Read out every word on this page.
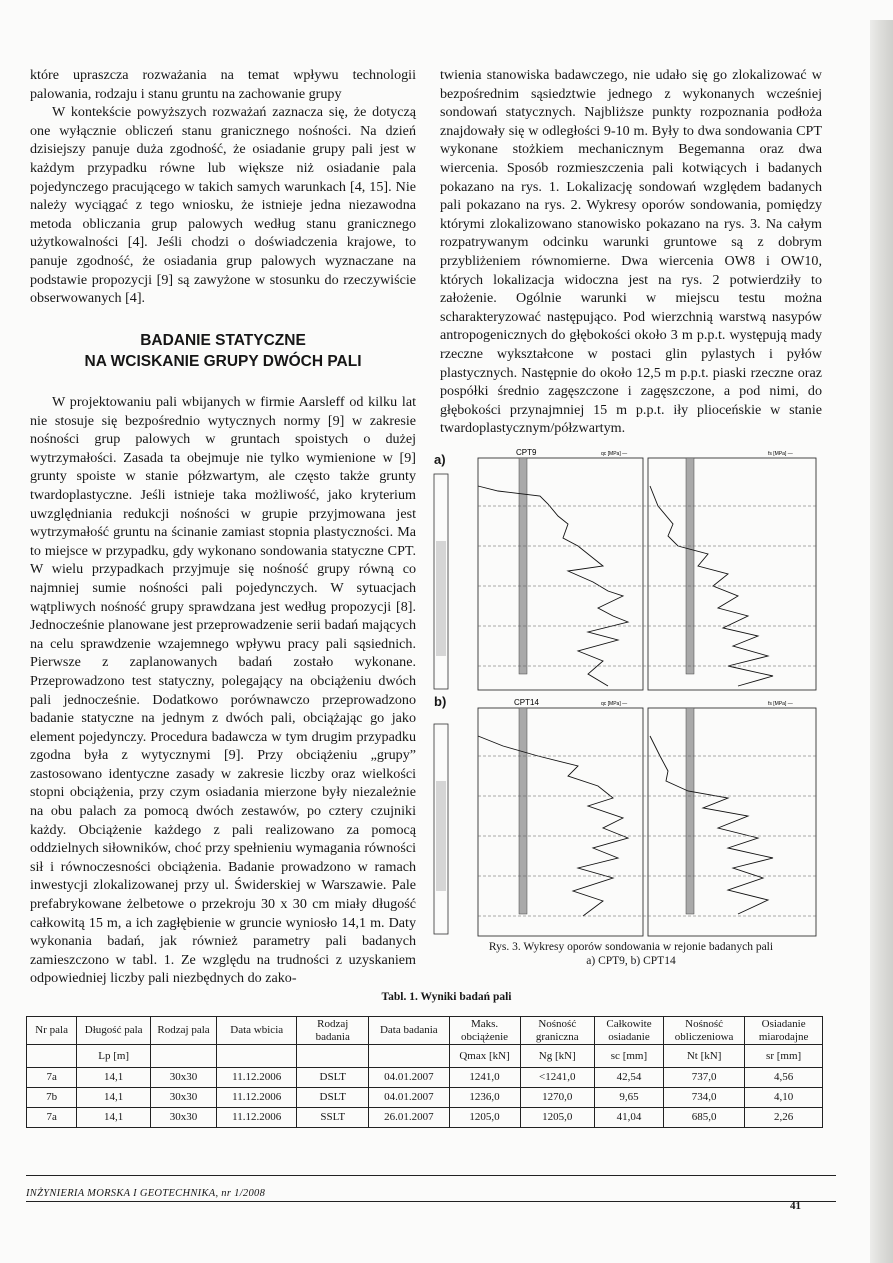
które upraszcza rozważania na temat wpływu technologii palowania, rodzaju i stanu gruntu na zachowanie grupy

W kontekście powyższych rozważań zaznacza się, że dotyczą one wyłącznie obliczeń stanu granicznego nośności. Na dzień dzisiejszy panuje duża zgodność, że osiadanie grupy pali jest w każdym przypadku równe lub większe niż osiadanie pala pojedynczego pracującego w takich samych warunkach [4, 15]. Nie należy wyciągać z tego wniosku, że istnieje jedna niezawodna metoda obliczania grup palowych według stanu granicznego użytkowalności [4]. Jeśli chodzi o doświadczenia krajowe, to panuje zgodność, że osiadania grup palowych wyznaczane na podstawie propozycji [9] są zawyżone w stosunku do rzeczywiście obserwowanych [4].

BADANIE STATYCZNE
NA WCISKANIE GRUPY DWÓCH PALI

W projektowaniu pali wbijanych w firmie Aarsleff od kilku lat nie stosuje się bezpośrednio wytycznych normy [9] w zakresie nośności grup palowych w gruntach spoistych o dużej wytrzymałości. Zasada ta obejmuje nie tylko wymienione w [9] grunty spoiste w stanie półzwartym, ale często także grunty twardoplastyczne. Jeśli istnieje taka możliwość, jako kryterium uwzględniania redukcji nośności w grupie przyjmowana jest wytrzymałość gruntu na ścinanie zamiast stopnia plastyczności. Ma to miejsce w przypadku, gdy wykonano sondowania statyczne CPT. W wielu przypadkach przyjmuje się nośność grupy równą co najmniej sumie nośności pali pojedynczych. W sytuacjach wątpliwych nośność grupy sprawdzana jest według propozycji [8]. Jednocześnie planowane jest przeprowadzenie serii badań mających na celu sprawdzenie wzajemnego wpływu pracy pali sąsiednich. Pierwsze z zaplanowanych badań zostało wykonane. Przeprowadzono test statyczny, polegający na obciążeniu dwóch pali jednocześnie. Dodatkowo porównawczo przeprowadzono badanie statyczne na jednym z dwóch pali, obciążając go jako element pojedynczy. Procedura badawcza w tym drugim przypadku zgodna była z wytycznymi [9]. Przy obciążeniu „grupy” zastosowano identyczne zasady w zakresie liczby oraz wielkości stopni obciążenia, przy czym osiadania mierzone były niezależnie na obu palach za pomocą dwóch zestawów, po cztery czujniki każdy. Obciążenie każdego z pali realizowano za pomocą oddzielnych siłowników, choć przy spełnieniu wymagania równości sił i równoczesności obciążenia. Badanie prowadzono w ramach inwestycji zlokalizowanej przy ul. Świderskiej w Warszawie. Pale prefabrykowane żelbetowe o przekroju 30 x 30 cm miały długość całkowitą 15 m, a ich zagłębienie w gruncie wyniosło 14,1 m. Daty wykonania badań, jak również parametry pali badanych zamieszczono w tabl. 1. Ze względu na trudności z uzyskaniem odpowiedniej liczby pali niezbędnych do zako-

twienia stanowiska badawczego, nie udało się go zlokalizować w bezpośrednim sąsiedztwie jednego z wykonanych wcześniej sondowań statycznych. Najbliższe punkty rozpoznania podłoża znajdowały się w odległości 9-10 m. Były to dwa sondowania CPT wykonane stożkiem mechanicznym Begemanna oraz dwa wiercenia. Sposób rozmieszczenia pali kotwiących i badanych pokazano na rys. 1. Lokalizację sondowań względem badanych pali pokazano na rys. 2. Wykresy oporów sondowania, pomiędzy którymi zlokalizowano stanowisko pokazano na rys. 3. Na całym rozpatrywanym odcinku warunki gruntowe są z dobrym przybliżeniem równomierne. Dwa wiercenia OW8 i OW10, których lokalizacja widoczna jest na rys. 2 potwierdziły to założenie. Ogólnie warunki w miejscu testu można scharakteryzować następująco. Pod wierzchnią warstwą nasypów antropogenicznych do głębokości około 3 m p.p.t. występują mady rzeczne wykształcone w postaci glin pylastych i pyłów plastycznych. Następnie do około 12,5 m p.p.t. piaski rzeczne oraz pospółki średnio zagęszczone i zagęszczone, a pod nimi, do głębokości przynajmniej 15 m p.p.t. iły plioceńskie w stanie twardoplastycznym/półzwartym.

a)
b)
CPT9	qc [MPa] —	fs [MPa] —
CPT14	qc [MPa] —	fs [MPa] —
Rys. 3. Wykresy oporów sondowania w rejonie badanych pali
a) CPT9, b) CPT14
Tabl. 1. Wyniki badań pali
Nr pala	Długość pala	Rodzaj pala	Data wbicia	Rodzaj badania	Data badania	Maks. obciążenie	Nośność graniczna	Całkowite osiadanie	Nośność obliczeniowa	Osiadanie miarodajne
	Lp [m]					Qmax [kN]	Ng [kN]	sc [mm]	Nt [kN]	sr [mm]
7a	14,1	30x30	11.12.2006	DSLT	04.01.2007	1241,0	<1241,0	42,54	737,0	4,56
7b	14,1	30x30	11.12.2006	DSLT	04.01.2007	1236,0	1270,0	9,65	734,0	4,10
7a	14,1	30x30	11.12.2006	SSLT	26.01.2007	1205,0	1205,0	41,04	685,0	2,26
INŻYNIERIA MORSKA I GEOTECHNIKA, nr 1/2008
41
